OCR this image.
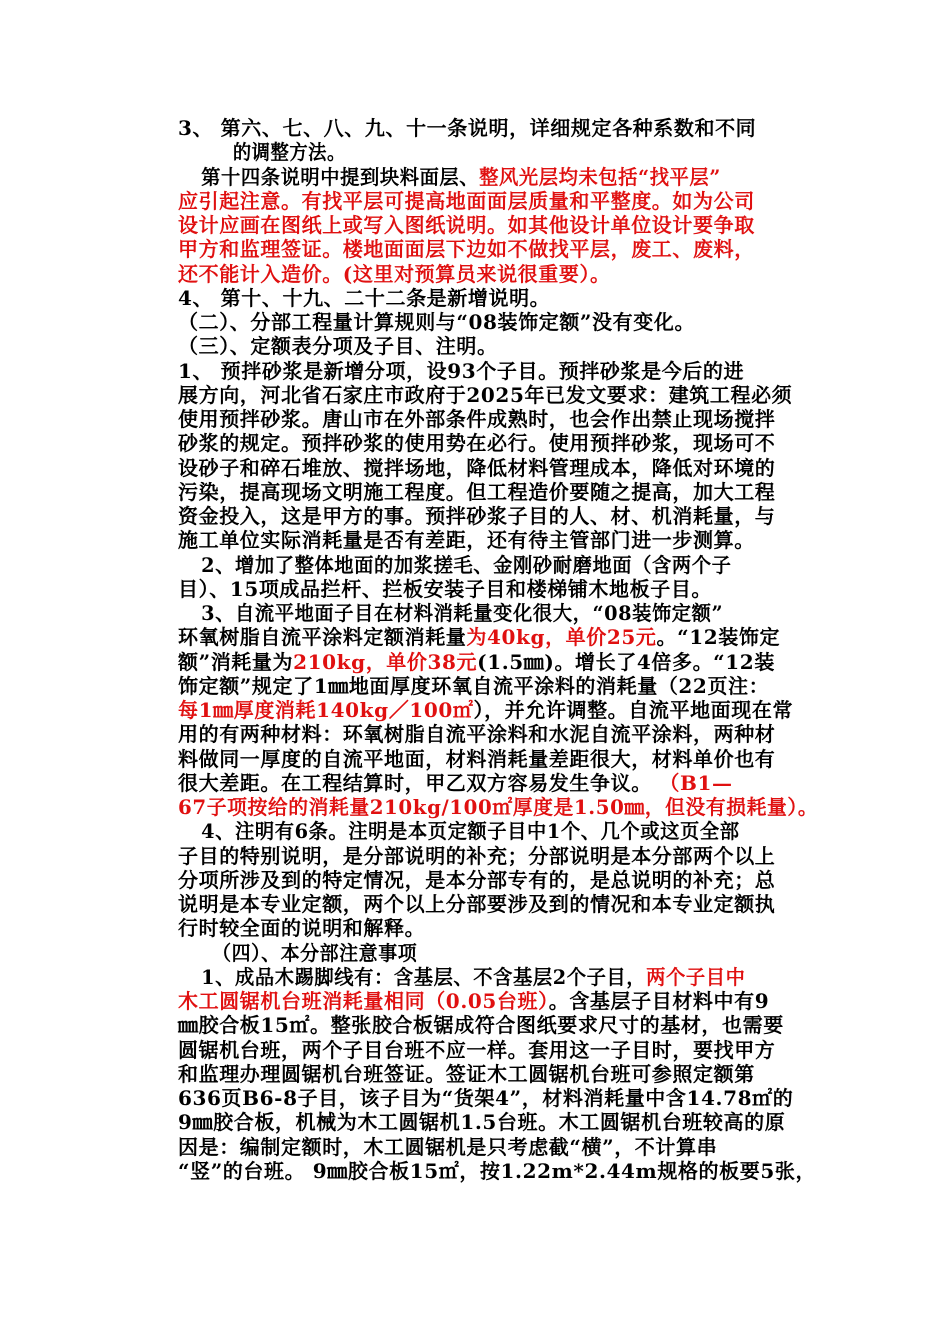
3、 第六、七、八、九、十一条说明，详细规定各种系数和不同
的调整方法。
第十四条说明中提到块料面层、整风光层均未包括“找平层”
应引起注意。有找平层可提高地面面层质量和平整度。如为公司
设计应画在图纸上或写入图纸说明。如其他设计单位设计要争取
甲方和监理签证。楼地面面层下边如不做找平层，废工、废料，
还不能计入造价。(这里对预算员来说很重要）。
4、 第十、十九、二十二条是新增说明。
（二）、分部工程量计算规则与“08装饰定额”没有变化。
（三）、定额表分项及子目、注明。
1、 预拌砂浆是新增分项，设93个子目。预拌砂浆是今后的进
展方向，河北省石家庄市政府于2025年已发文要求：建筑工程必须
使用预拌砂浆。唐山市在外部条件成熟时，也会作出禁止现场搅拌
砂浆的规定。预拌砂浆的使用势在必行。使用预拌砂浆，现场可不
设砂子和碎石堆放、搅拌场地，降低材料管理成本，降低对环境的
污染，提高现场文明施工程度。但工程造价要随之提高，加大工程
资金投入，这是甲方的事。预拌砂浆子目的人、材、机消耗量，与
施工单位实际消耗量是否有差距，还有待主管部门进一步测算。
2、增加了整体地面的加浆搓毛、金刚砂耐磨地面（含两个子
目）、15项成品拦杆、拦板安装子目和楼梯铺木地板子目。
3、自流平地面子目在材料消耗量变化很大，“08装饰定额”
环氧树脂自流平涂料定额消耗量为40kg，单价25元。“12装饰定
额”消耗量为210kg，单价38元(1.5㎜)。增长了4倍多。“12装
饰定额”规定了1㎜地面厚度环氧自流平涂料的消耗量（22页注：
每1㎜厚度消耗140kg／100㎡），并允许调整。自流平地面现在常
用的有两种材料：环氧树脂自流平涂料和水泥自流平涂料，两种材
料做同一厚度的自流平地面，材料消耗量差距很大，材料单价也有
很大差距。在工程结算时，甲乙双方容易发生争议。 （B1—
67子项按给的消耗量210kg/100㎡厚度是1.50㎜，但没有损耗量）。
4、注明有6条。注明是本页定额子目中1个、几个或这页全部
子目的特别说明，是分部说明的补充；分部说明是本分部两个以上
分项所涉及到的特定情况，是本分部专有的，是总说明的补充；总
说明是本专业定额，两个以上分部要涉及到的情况和本专业定额执
行时较全面的说明和解释。
（四）、本分部注意事项
1、成品木踢脚线有：含基层、不含基层2个子目，两个子目中
木工圆锯机台班消耗量相同（0.05台班）。含基层子目材料中有9
㎜胶合板15㎡。整张胶合板锯成符合图纸要求尺寸的基材，也需要
圆锯机台班，两个子目台班不应一样。套用这一子目时，要找甲方
和监理办理圆锯机台班签证。签证木工圆锯机台班可参照定额第
636页B6-8子目，该子目为“货架4”，材料消耗量中含14.78㎡的
9㎜胶合板，机械为木工圆锯机1.5台班。木工圆锯机台班较高的原
因是：编制定额时，木工圆锯机是只考虑截“横”，不计算串
“竖”的台班。 9㎜胶合板15㎡，按1.22m*2.44m规格的板要5张，
